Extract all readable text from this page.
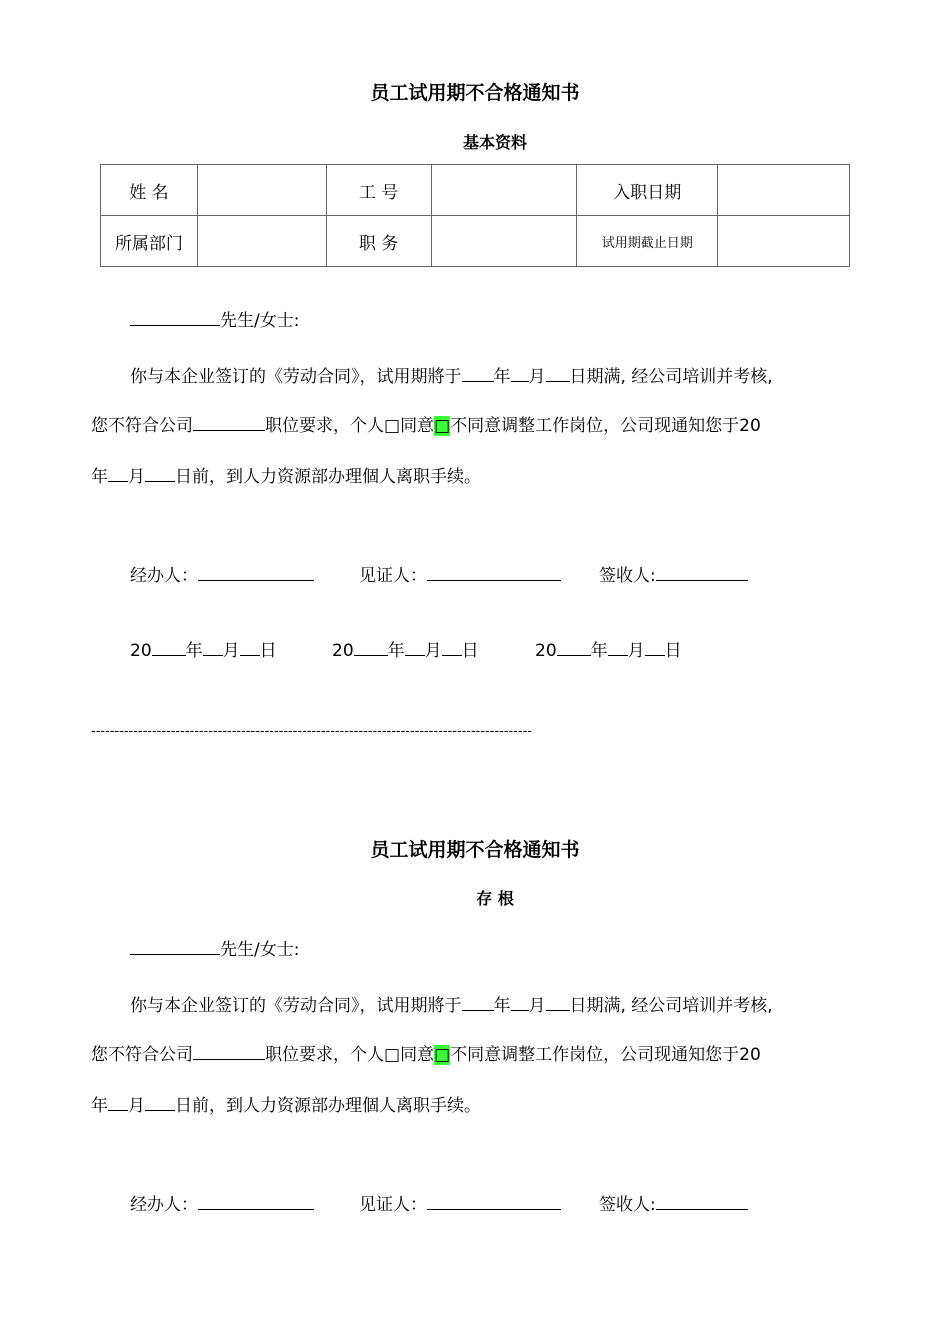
员工试用期不合格通知书
基本资料
姓 名		工 号		入职日期	
所属部门		职 务		试用期截止日期	
先生/女士:
你与本企业签订的《劳动合同》，试用期將于 年 月 日期满, 经公司培训并考核,
您不符合公司	职位要求，个人□同意□不同意调整工作岗位，公司现通知您于20
年 月 日前，到人力资源部办理個人离职手续。
经办人：	见证人：	签收人:
20 年 月 日	20 年 月 日	20 年 月 日
----------------------------------------------------------------------------------------------
员工试用期不合格通知书
存 根
先生/女士:
你与本企业签订的《劳动合同》，试用期將于 年 月 日期满, 经公司培训并考核,
您不符合公司	职位要求，个人□同意□不同意调整工作岗位，公司现通知您于20
年 月 日前，到人力资源部办理個人离职手续。
经办人：	见证人：	签收人:
